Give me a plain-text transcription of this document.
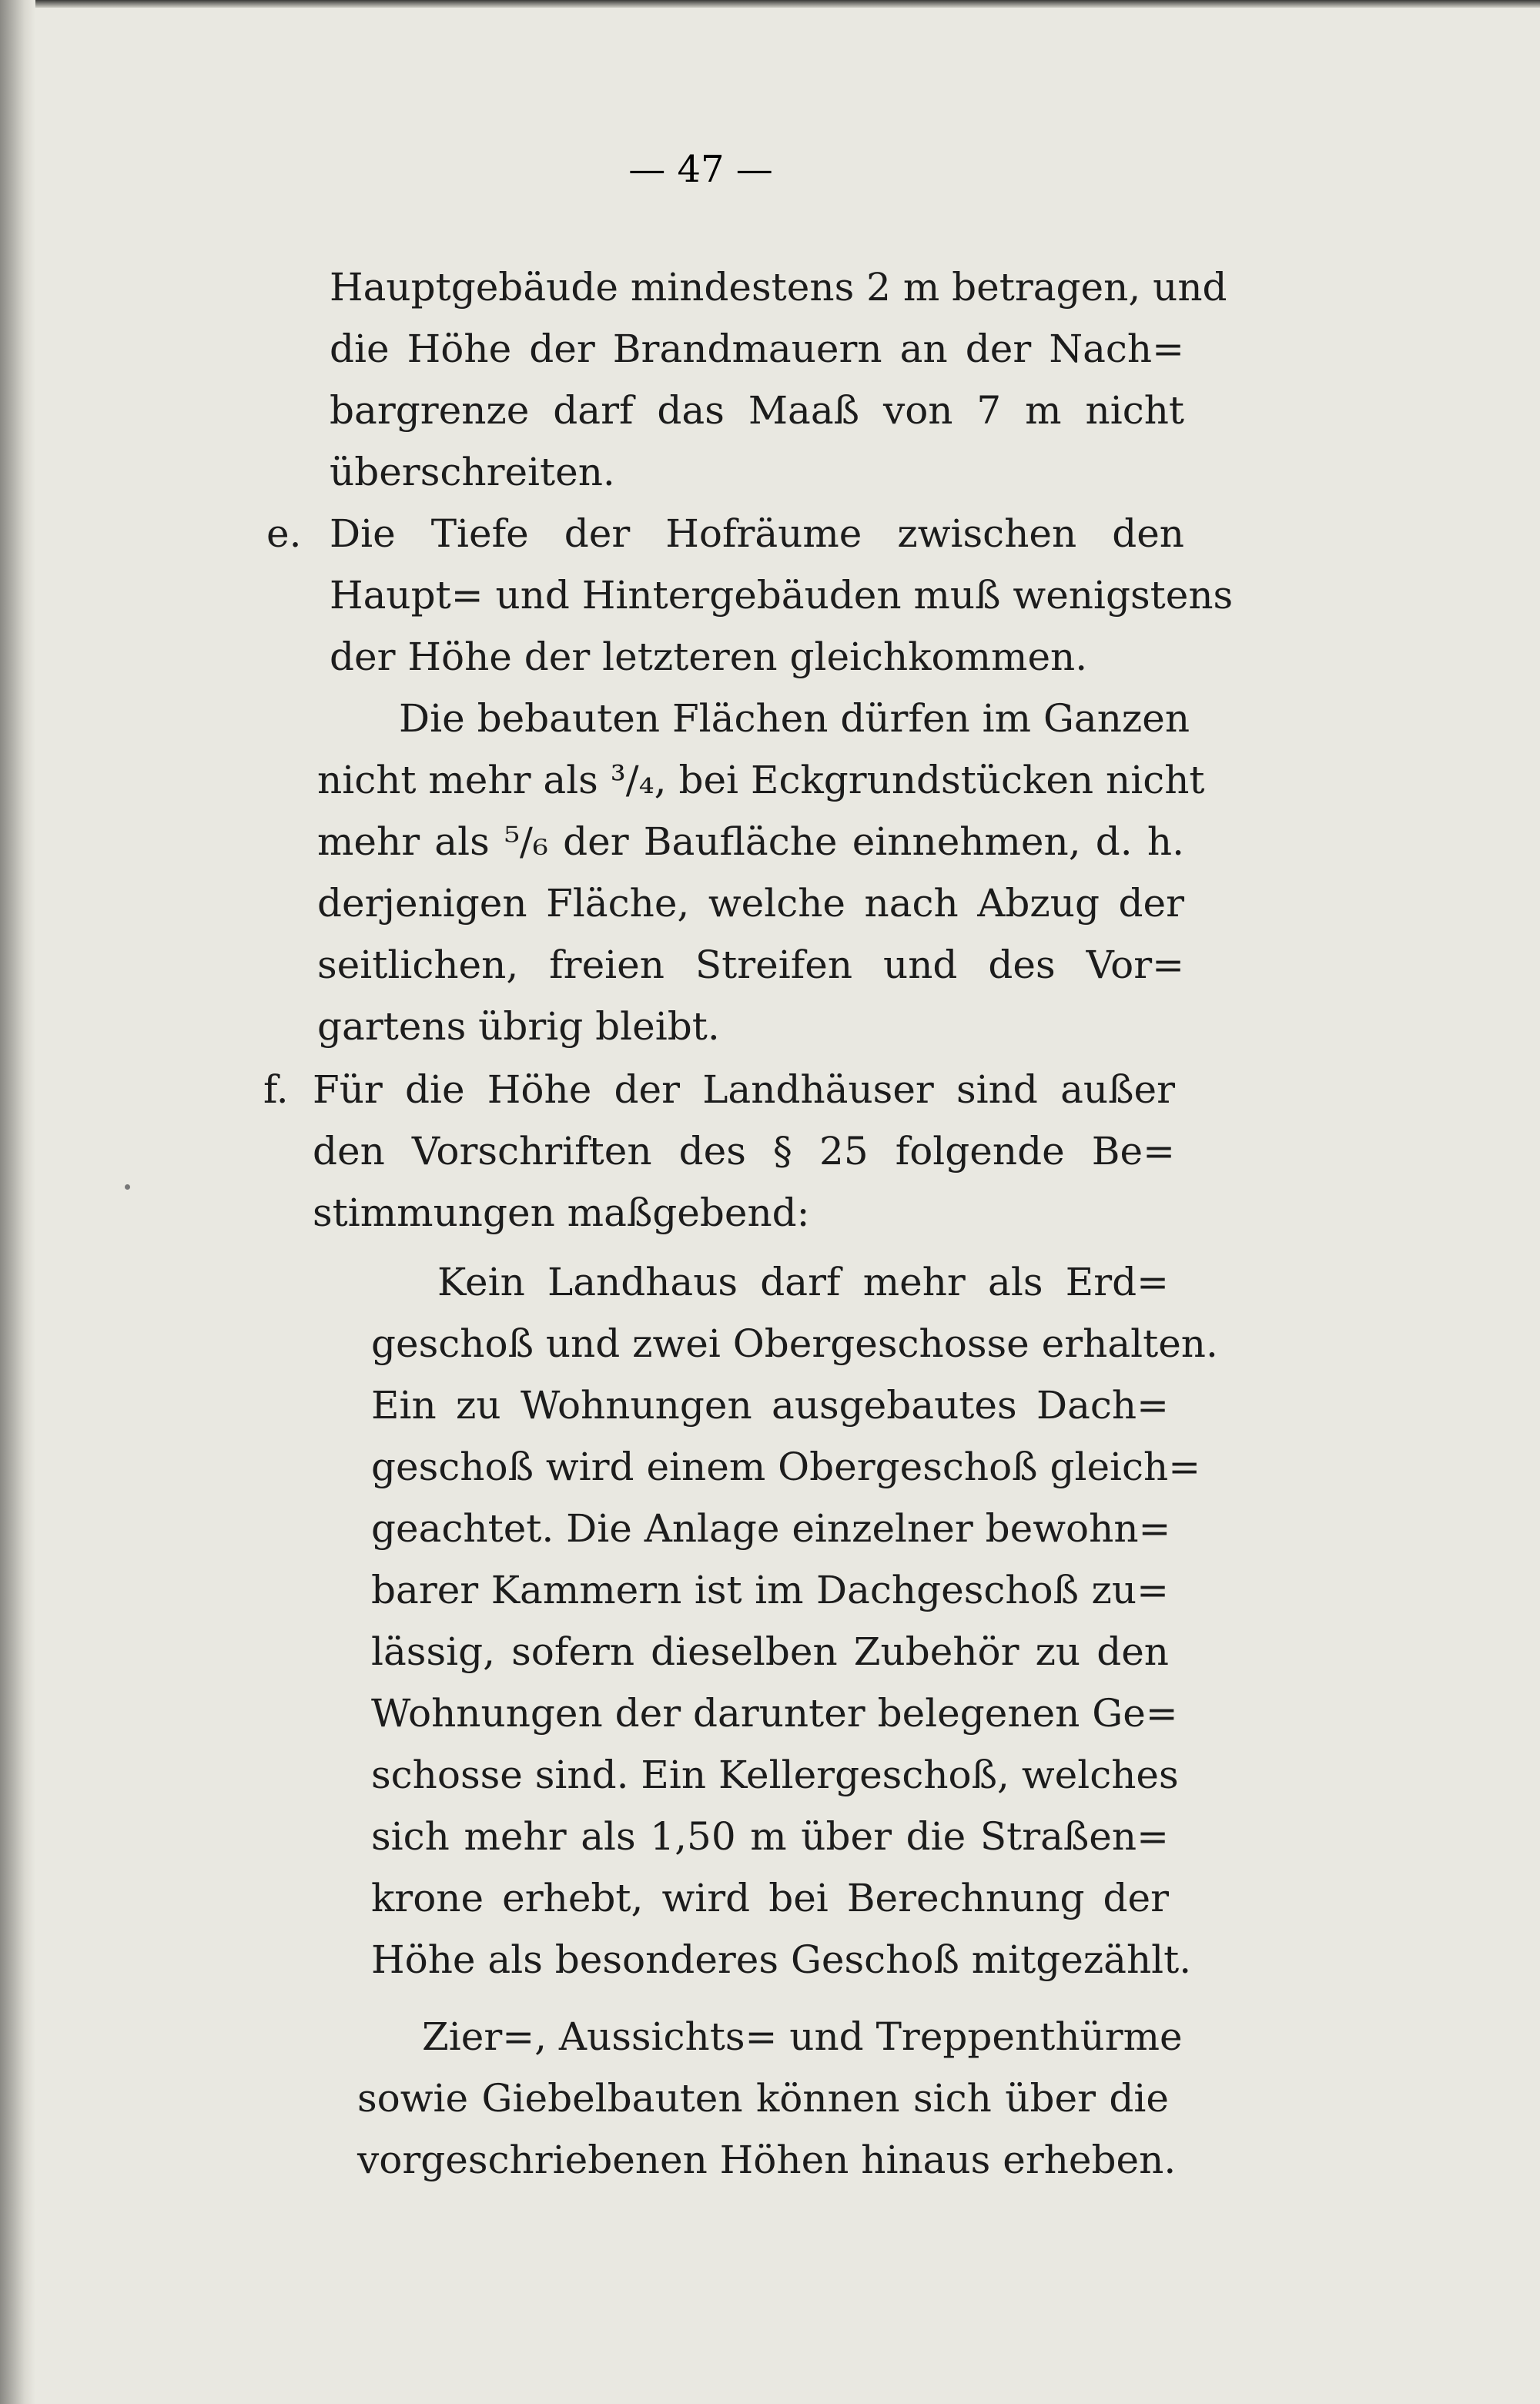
— 47 —
Hauptgebäude mindestens 2 m betragen, und
die Höhe der Brandmauern an der Nach=
bargrenze darf das Maaß von 7 m nicht
überschreiten.
e. Die Tiefe der Hofräume zwischen den
Haupt= und Hintergebäuden muß wenigstens
der Höhe der letzteren gleichkommen.
Die bebauten Flächen dürfen im Ganzen
nicht mehr als ³/₄, bei Eckgrundstücken nicht
mehr als ⁵/₆ der Baufläche einnehmen, d. h.
derjenigen Fläche, welche nach Abzug der
seitlichen, freien Streifen und des Vor=
gartens übrig bleibt.
f. Für die Höhe der Landhäuser sind außer
den Vorschriften des § 25 folgende Be=
stimmungen maßgebend:
Kein Landhaus darf mehr als Erd=
geschoß und zwei Obergeschosse erhalten.
Ein zu Wohnungen ausgebautes Dach=
geschoß wird einem Obergeschoß gleich=
geachtet. Die Anlage einzelner bewohn=
barer Kammern ist im Dachgeschoß zu=
lässig, sofern dieselben Zubehör zu den
Wohnungen der darunter belegenen Ge=
schosse sind. Ein Kellergeschoß, welches
sich mehr als 1,50 m über die Straßen=
krone erhebt, wird bei Berechnung der
Höhe als besonderes Geschoß mitgezählt.
Zier=, Aussichts= und Treppenthürme
sowie Giebelbauten können sich über die
vorgeschriebenen Höhen hinaus erheben.
